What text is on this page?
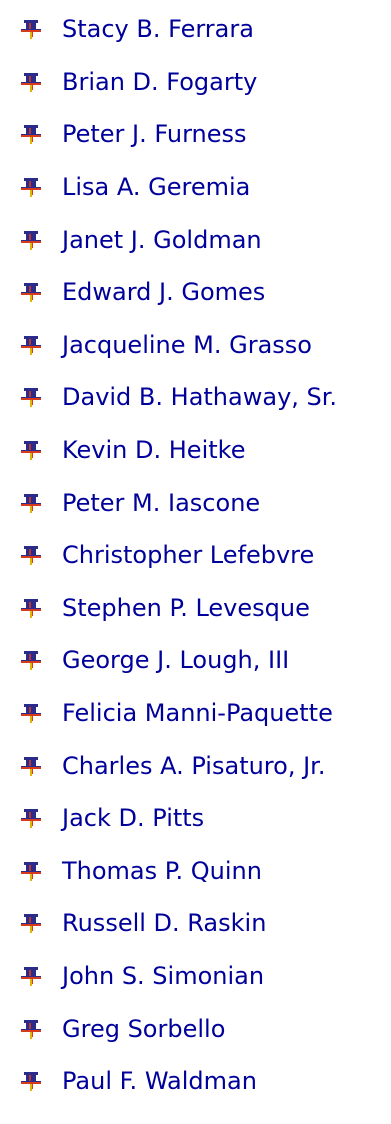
Stacy B. Ferrara
Brian D. Fogarty
Peter J. Furness
Lisa A. Geremia
Janet J. Goldman
Edward J. Gomes
Jacqueline M. Grasso
David B. Hathaway, Sr.
Kevin D. Heitke
Peter M. Iascone
Christopher Lefebvre
Stephen P. Levesque
George J. Lough, III
Felicia Manni-Paquette
Charles A. Pisaturo, Jr.
Jack D. Pitts
Thomas P. Quinn
Russell D. Raskin
John S. Simonian
Greg Sorbello
Paul F. Waldman
